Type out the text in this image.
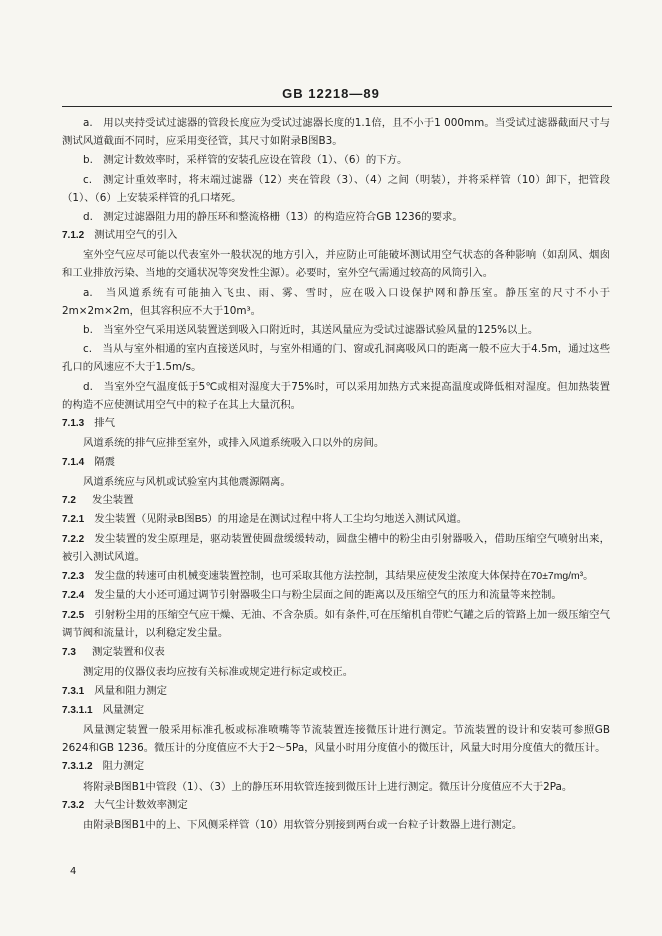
GB 12218—89

a.　用以夹持受试过滤器的管段长度应为受试过滤器长度的1.1倍，且不小于1 000mm。当受试过滤器截面尺寸与测试风道截面不同时，应采用变径管，其尺寸如附录B图B3。

b.　测定计数效率时，采样管的安装孔应设在管段（1）、（6）的下方。

c.　测定计重效率时，将末端过滤器（12）夹在管段（3）、（4）之间（明装），并将采样管（10）卸下，把管段（1）、（6）上安装采样管的孔口堵死。

d.　测定过滤器阻力用的静压环和整流格栅（13）的构造应符合GB 1236的要求。

7.1.2 测试用空气的引入

室外空气应尽可能以代表室外一般状况的地方引入，并应防止可能破坏测试用空气状态的各种影响（如刮风、烟囱和工业排放污染、当地的交通状况等突发性尘源）。必要时，室外空气需通过较高的风筒引入。

a.　当风道系统有可能抽入飞虫、雨、雾、雪时，应在吸入口设保护网和静压室。静压室的尺寸不小于2m×2m×2m，但其容积应不大于10m³。

b.　当室外空气采用送风装置送到吸入口附近时，其送风量应为受试过滤器试验风量的125%以上。

c.　当从与室外相通的室内直接送风时，与室外相通的门、窗或孔洞离吸风口的距离一般不应大于4.5m，通过这些孔口的风速应不大于1.5m/s。

d.　当室外空气温度低于5℃或相对湿度大于75%时，可以采用加热方式来提高温度或降低相对湿度。但加热装置的构造不应使测试用空气中的粒子在其上大量沉积。

7.1.3 排气

风道系统的排气应排至室外，或排入风道系统吸入口以外的房间。

7.1.4 隔震

风道系统应与风机或试验室内其他震源隔离。

7.2 发尘装置

7.2.1 发尘装置（见附录B图B5）的用途是在测试过程中将人工尘均匀地送入测试风道。

7.2.2 发尘装置的发尘原理是，驱动装置使圆盘缓缓转动，圆盘尘槽中的粉尘由引射器吸入，借助压缩空气喷射出来，被引入测试风道。

7.2.3 发尘盘的转速可由机械变速装置控制，也可采取其他方法控制，其结果应使发尘浓度大体保持在70±7mg/m³。

7.2.4 发尘量的大小还可通过调节引射器吸尘口与粉尘层面之间的距离以及压缩空气的压力和流量等来控制。

7.2.5 引射粉尘用的压缩空气应干燥、无油、不含杂质。如有条件,可在压缩机自带贮气罐之后的管路上加一级压缩空气调节阀和流量计，以利稳定发尘量。

7.3 测定装置和仪表

测定用的仪器仪表均应按有关标准或规定进行标定或校正。

7.3.1 风量和阻力测定

7.3.1.1 风量测定

风量测定装置一般采用标准孔板或标准喷嘴等节流装置连接微压计进行测定。节流装置的设计和安装可参照GB 2624和GB 1236。微压计的分度值应不大于2～5Pa，风量小时用分度值小的微压计，风量大时用分度值大的微压计。

7.3.1.2 阻力测定

将附录B图B1中管段（1）、（3）上的静压环用软管连接到微压计上进行测定。微压计分度值应不大于2Pa。

7.3.2 大气尘计数效率测定

由附录B图B1中的上、下风侧采样管（10）用软管分别接到两台或一台粒子计数器上进行测定。

4
